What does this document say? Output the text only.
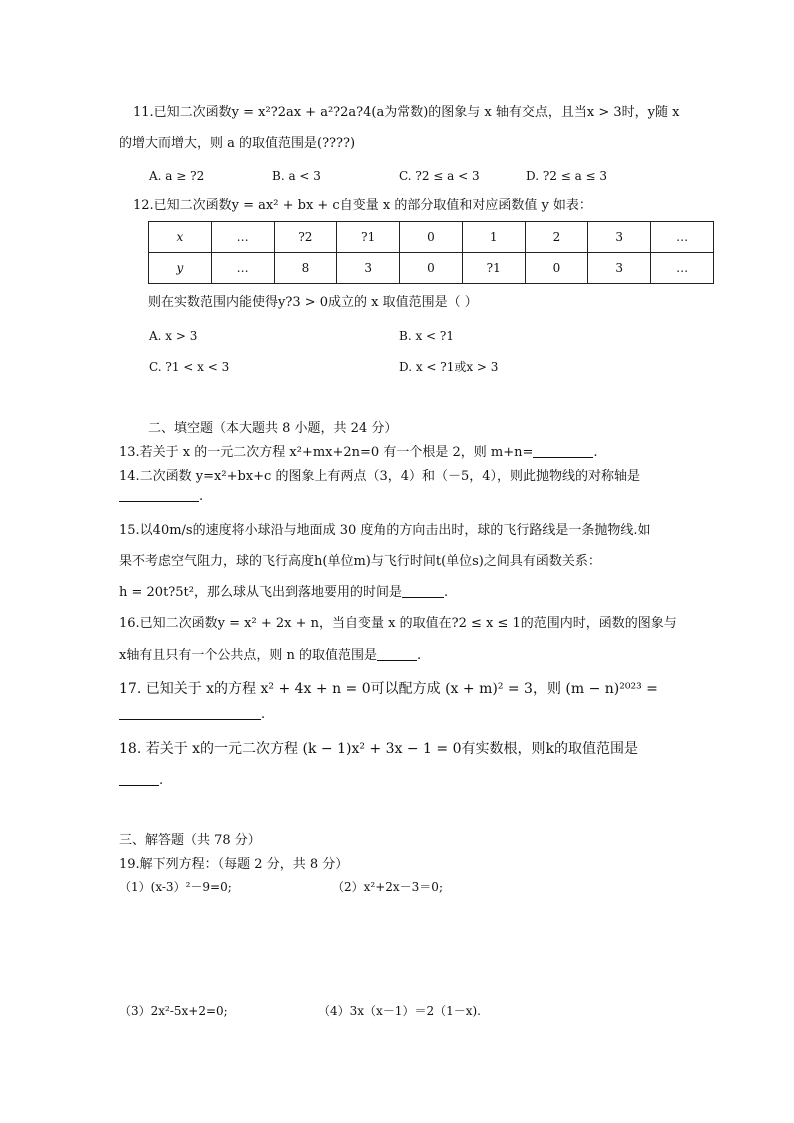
11.已知二次函数y = x²?2ax + a²?2a?4(a为常数)的图象与 x 轴有交点，且当x > 3时，y随 x
的增大而增大，则 a 的取值范围是(????)
A. a ≥ ?2	B. a < 3	C. ?2 ≤ a < 3	D. ?2 ≤ a ≤ 3
12.已知二次函数y = ax² + bx + c自变量 x 的部分取值和对应函数值 y 如表：
x	…	?2	?1	0	1	2	3	…
y	…	8	3	0	?1	0	3	…
则在实数范围内能使得y?3 > 0成立的 x 取值范围是（ ）
A. x > 3	B. x < ?1
C. ?1 < x < 3	D. x < ?1或x > 3
二、填空题（本大题共 8 小题，共 24 分）
13.若关于 x 的一元二次方程 x²+mx+2n=0 有一个根是 2，则 m+n=	.
14.二次函数 y=x²+bx+c 的图象上有两点（3，4）和（－5，4），则此抛物线的对称轴是
.
15.以40m/s的速度将小球沿与地面成 30 度角的方向击出时，球的飞行路线是一条抛物线.如
果不考虑空气阻力，球的飞行高度h(单位m)与飞行时间t(单位s)之间具有函数关系：
h = 20t?5t²，那么球从飞出到落地要用的时间是	.
16.已知二次函数y = x² + 2x + n，当自变量 x 的取值在?2 ≤ x ≤ 1的范围内时，函数的图象与
x轴有且只有一个公共点，则 n 的取值范围是	.
17. 已知关于 x的方程 x² + 4x + n = 0可以配方成 (x + m)² = 3，则 (m − n)²⁰²³ =
.
18. 若关于 x的一元二次方程 (k − 1)x² + 3x − 1 = 0有实数根，则k的取值范围是
.
三、解答题（共 78 分）
19.解下列方程：（每题 2 分，共 8 分）
（1）(x-3）²－9=0;	（2）x²+2x－3＝0;
（3）2x²-5x+2=0;	（4）3x（x－1）＝2（1－x).
